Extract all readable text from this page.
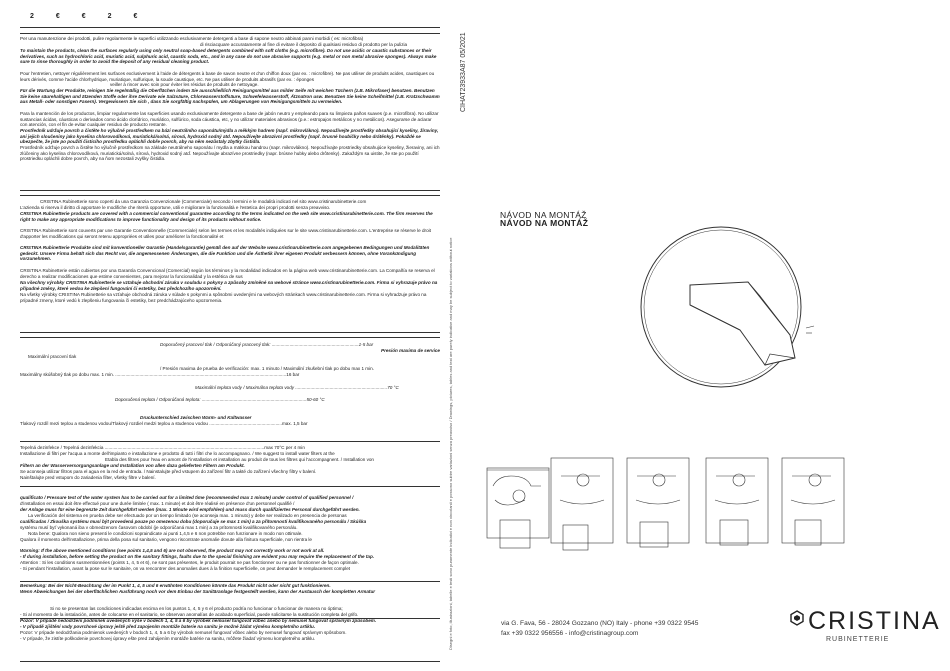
2 € € 2 €

Per una manutenzione dei prodotti, pulire regolarmente le superfici utilizzando esclusivamente detergenti a base di sapone neutro abbinati panni morbidi ( es: microfibra)

di risciacquare accuratamente al fine di evitare il deposito di qualsiasi residuo di prodotto per la pulizia

To maintain the products, clean the surfaces regularly using only neutral soap-based detergents combined with soft cloths (e.g. microfibre). Do not use acidic or caustic substances or their derivatives, such as hydrochloric acid, muriatic acid, sulphuric acid, caustic soda, etc., and in any case do not use abrasive supports (e.g. metal or non metal abrasive sponges). Always make sure to rinse thoroughly in order to avoid the deposit of any residual cleaning product.

Pour l'entretien, nettoyer régulièrement les surfaces exclusivement à l'aide de détergents à base de savon neutre et d'un chiffon doux (par ex. : microfibre). Ne pas utiliser de produits acides, caustiques ou leurs dérivés, comme l'acide chlorhydrique, muriatique, sulfurique, la soude caustique, etc. Ne pas utiliser de produits abrasifs (par ex. : éponges

veiller à rincer avec soin pour éviter les résidus de produits de nettoyage.

Für die Wartung der Produkte, reinigen Sie regelmäßig die Oberflächen indem Sie ausschließlich Reinigungsmittel aus milder Seife mit weichen Tüchern (z.B. Mikrofaser) benutzen. Benutzen Sie keine säurehaltigen und ätzenden Stoffe oder ihre Derivate wie Salzsäure, Chlorwasserstoffsäure, Schwefelwasserstoff, Ätznatron usw. Benutzen Sie keine Scheifmittel (z.B. Kratzschwamm aus Metall- oder sonstigen Fasern). Vergewissern Sie sich , dass Sie sorgfältig nachspülen, um Ablagerungen von Reinigungsmitteln zu vermeiden.

Para la mantención de los productos, limpiar regularmente las superficies usando exclusivamente detergente a base de jabón neutro y empleando para su limpieza paños suaves (p.e. microfibra). No utilizar sustancias ácidas, cáusticas o derivados como ácido clorídrico, muriático, sulfúrico, soda cáustica, etc, y no utilizar materiales abrasivos (p.e.: estropajos metálicos y no metálicos). Asegurarse de aclarar con atención, con el fin de evitar cualquier residuo de producto restante.

Prostředník udržuje povrch a čistěte ho výlučně prostředkem na bázi neutrálního saponátu/mýdla a měkkým hadrem (např. mikrovlákno). Nepoužívejte prostředky obsahující kyseliny, žíraviny, ani jejich sloučeniny jako kyselina chlorovodíková, muriatická/solná, sírová, hydroxid sodný atd. Nepoužívejte abrazivní prostředky (např. brusné houbičky nebo drátěnky). Pokaždé se ubezpečte, že jste po použití čisticího prostředku opláchli dobře povrch, aby na něm nezůstaly zbytky čistidla.

Prostředník udržuje povrch a čistěte ho výlučně prostředkom na základe neutrálneho saponátu / mydla a mäkkou handrou (napr. mikrovlákno). Nepoužívajte prostriedky obsahujúce kyseliny, žieraviny, ani ich zlúčeniny ako kyselina chlorovodíková, muriatická/solná, sírová, hydroxid sodný atď. Nepoužívajte abrazívne prostriedky (napr. brúsne hubky alebo drôtenky). Zakaždým sa uistite, že ste po použití prostriedku opláchli dobre povrch, aby na ňom nezostali zvyšky čistidla.

CRISTINA Rubinetterie sono coperti da una Garanzia Convenzionale (Commerciale) secondo i termini e le modalità indicati nel sito www.cristinarubinetterie.com

L'azienda si riserva il diritto di apportare le modifiche che riterrà opportune, utili e migliorare la funzionalità e l'estetica dei propri prodotti senza preavviso.

CRISTINA Rubinetterie products are covered with a commercial conventional guarantee according to the terms indicated on the web site www.cristinarubinetterie.com. The firm reserves the right to make any appropriate modifications to improve functionality and design of its products without notice.

CRISTINA Rubinetterie sont couverts par une Garantie Conventionnelle (Commerciale) selon les termes et les modalités indiquées sur le site www.cristinarubinetterie.com. L'entreprise se réserve le droit d'apporter les modifications qui seront retenu appropriées et utiles pour améliorer la fonctionnalité et

CRISTINA Rubinetterie Produkte sind mit konventioneller Garantie (Handelsgarantie) gemäß den auf der Website www.cristinarubinetterie.com angegebenen Bedingungen und Modalitäten gedeckt. Unsere Firma behält sich das Recht vor, die angemessenen Änderungen, die die Funktion und die Ästhetik ihrer eigenen Produkt verbessern können, ohne Vorankündigung vorzunehmen.

CRISTINA Rubinetterie están cubiertos por una Garantía Convencional (Comercial) según los términos y la modalidad indicados en la página web www.cristinarubinetterie.com. La Compañía se reserva el derecho a realizar modificaciones que estime convenientes, para mejorar la funcionalidad y la estética de sus

Na všechny výrobky CRISTINA Rubinetterie se vztahuje obchodní záruka v souladu s pokyny a způsoby zmíněné na webové stránce www.cristinarubinetterie.com. Firma si vyhrazuje právo na případné změny, které vedou ke zlepšení fungování či estetiky, bez předchozího upozornění.

Na všetky výrobky CRISTINA Rubinetterie sa vzťahuje obchodná záruka v súlade s pokynmi a spôsobmi uvedenými na webových stránkach www.cristinarubinetterie.com. Firma si vyhradzuje právo na prípadné zmeny, ktoré vedú k zlepšeniu fungovania či estetiky, bez predchádzajúceho upozornenia.

Doporučený pracovní tlak / Odporúčaný pracovný tlak: ....................................................................1-5 bar

Presión maxima de service

Maximální pracovní tlak

/ Presión maxima de prueba de verificación: max. 1 minuto / Maximální zkušební tlak po dobu max 1 min.

Maximálny skúšobný tlak po dobu max. 1 min. ......................................................................................................................................16 bar

Maximální teplota vody / Maximálna teplota vody ........................................................................70 °C

Doporučená teplota / Odporúčaná teplota: ..................................................................................50-60 °C

Druckunterschied zwischen Warm- und Kaltwasser

Tlakový rozdíl mezi teplou a studenou vodou/Tlakový rozdiel medzi teplou a studenou vodou .........................................................max. 1,5 bar

Tepelná dezinfekce / Tepelná dezinfekcia .............................................................................................................................max 70°C per 4 min

Installazione di filtri per l'acqua a monte dell'impianto e installazione e prodotto di tutti i filtri che lo accompagnano. / We suggest to install water filters at the

Etabla des filtres pour l'eau en amont de l'installation et installation au produit de tous les filtres qui l'accompagnent. / Installation von

Filtern an der Wasserversorgungsanlage und Installation von allen dazu gelieferten Filtern am Produkt.

Se aconseja utilizar filtros para el agua en la red de entrada. / Nainstalujte před vstupem do zařízení filtr a takté do zařízení všechny filtry v balení.

Nainštalujte pred vstupom do zariadenia filter, všetky filtre v balení.

qualificato / Pressure test of the water system has to be carried out for a limited time (recommended max 1 minute) under control of qualified personnel /

d'installation en essai doit être effectué pour une durée limitée ( max. 1 minute) et doit être réalisé en présence d'un personnel qualifié /

der Anlage muss für eine begrenzte Zeit durchgeführt werden (max. 1 Minute wird empfohlen) und muss durch qualifiziertes Personal durchgeführt werden.

La verificación del sistema en prueba debe ser efectuado por un tiempo limitado (se aconseja max. 1 minuto) y debe ser realizado en presencia de personas

cualificadas / Zkouška systému musí být provedená pouze po omezenou dobu (doporučuje se max 1 min) a za přítomnosti kvalifikovaného personálu / Skúška

systému musí byť vykonaná iba v obmedzenom časovom období (je odporúčaná max 1 min) a za prítomnosti kvalifikovaného personálu.

Nota bene: Qualora non sieno presenti le condizioni sopraindicate ai punti 1,4,5 e 6 non potrebbe non funzionare in modo non ottimale.

Qualora il momento dell'installazione, prima della posa sul sanitario, vengono riscontrate anomalie dovute alla finitura superficiale, non rientra le

Warning: If the above mentioned conditions (see points 1,4,5 and 6) are not observed, the product may not correctly work or not work at all.

- If during installation, before setting the product on the sanitary fittings, faults due to the special finishing are evident you may require the replacement of the tap.

Attention : Si les conditions susmentionnées (points 1, 4, 5 et 6), ne sont pas présentes, le produit pourrait ne pas fonctionner ou ne pas fonctionner de façon optimale.

- Si pendant l'installation, avant la pose sur le sanitaire, on va rencontrer des anomalies dues à la finition superficielle, on peut demander le remplacement complet

Bemerkung: Bei der Nicht-Beachtung der im Punkt 1, 4, 5 und 6 erwähnten Konditionen könnte das Produkt nicht oder nicht gut funktionieren.

Wenn Abweichungen bei der oberflächlichen Ausführung noch vor dem Einbau der Sanitäranlage festgestellt werden, kann der Austausch der kompletten Armatur

Si no se presentan las condiciones indicadas encima en los puntos 1, 4, 5 y 6 el producto podría no funcionar o funcionar de manera no óptima;

- Si al momento de la instalación, antes de colocarse en el sanitario, se observan anomalías de acabado superficial, puede solicitarse la sustitución completa del grifo.

Pozor: V případě nedodržení podmínek uvedených výše v bodech 1, 4, 5 a 6 by výrobek nemusel fungovat vůbec anebo by nemusel fungovat správným způsobem.

- V případě zjištění vady povrchové úpravy ještě před zapojením montáže baterie na sanitu je možné žádat výměnu kompletního artiklu.

Pozor: V prípade nedodržania podmienok uvedených v bodoch 1, 4, 5 a 6 by výrobok nemusel fungovať vôbec alebo by nemusel fungovať správnym spôsobom.

- V prípade, že zistíte poškodenie povrchovej úpravy ešte pred zahájením montáže batérie na sanitu, môžete žiadať výmenu kompletného artiklu.

CIHAT23933A87 05/2021
Disegni e foto, illustrazioni, tabelle e testi sono puramente indicativi e non vincolanti e possono subire variazioni senza preavviso / Drawings, pictures, tables and text are purely indicative and may be subject to variations without notice
NÁVOD NA MONTÁŽ
NÁVOD NA MONTÁŽ
CRISTINA
RUBINETTERIE
via G. Fava, 56 - 28024 Gozzano (NO) Italy - phone +39 0322 9545
fax +39 0322 956556 - info@cristinagroup.com
